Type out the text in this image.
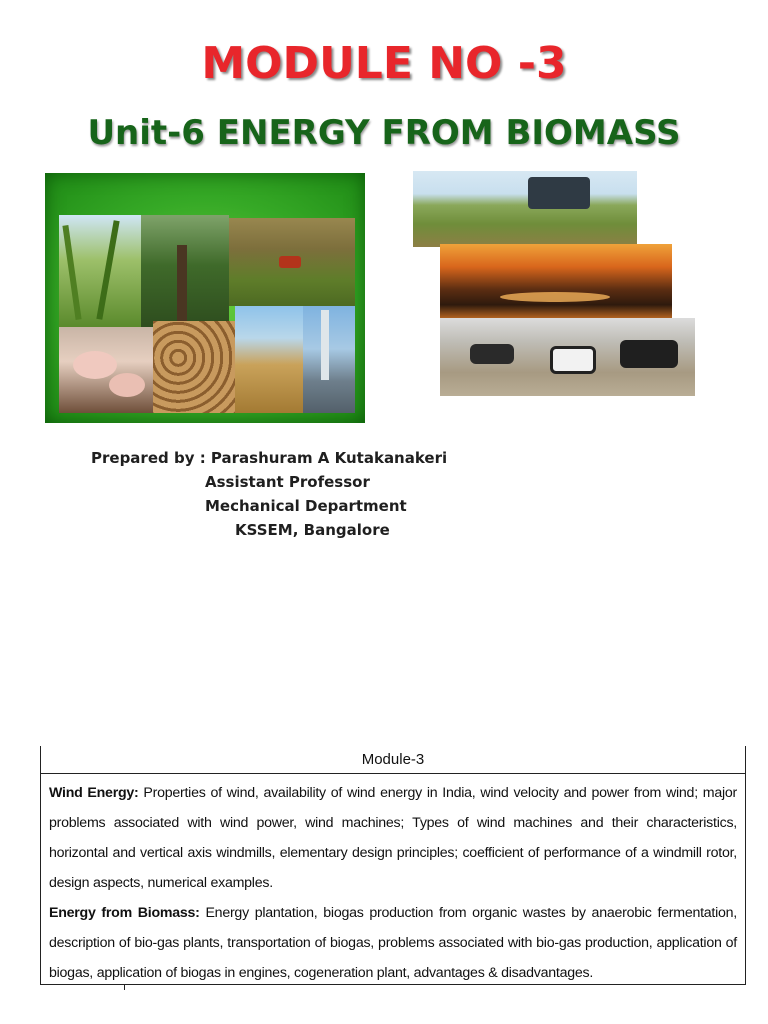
MODULE NO -3
Unit-6 ENERGY FROM BIOMASS

Prepared by : Parashuram A Kutakanakeri

Assistant Professor

Mechanical Department

KSSEM, Bangalore

Module-3

Wind Energy: Properties of wind, availability of wind energy in India, wind velocity and power from wind; major problems associated with wind power, wind machines; Types of wind machines and their characteristics, horizontal and vertical axis windmills, elementary design principles; coefficient of performance of a windmill rotor, design aspects, numerical examples.

Energy from Biomass: Energy plantation, biogas production from organic wastes by anaerobic fermentation, description of bio-gas plants, transportation of biogas, problems associated with bio-gas production, application of biogas, application of biogas in engines, cogeneration plant, advantages & disadvantages.
